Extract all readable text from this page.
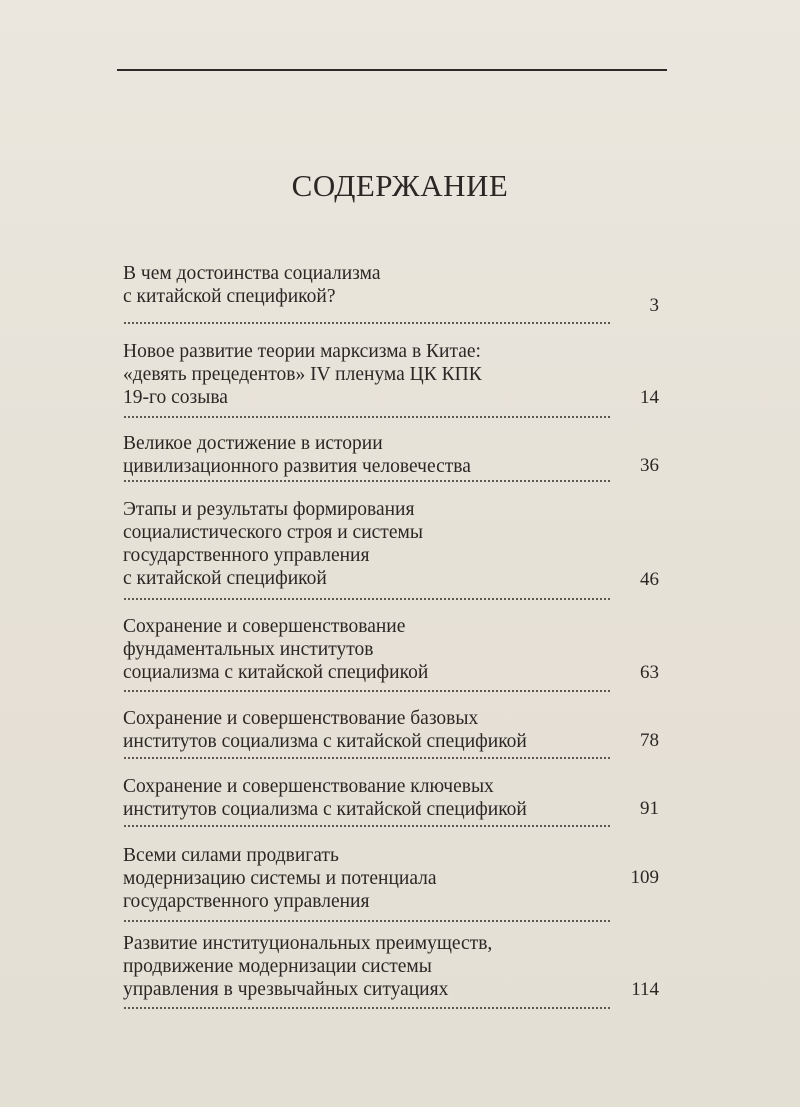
СОДЕРЖАНИЕ
В чем достоинства социализма
с китайской спецификой?	3
Новое развитие теории марксизма в Китае:
«девять прецедентов» IV пленума ЦК КПК
19-го созыва	14
Великое достижение в истории
цивилизационного развития человечества	36
Этапы и результаты формирования
социалистического строя и системы
государственного управления
с китайской спецификой	46
Сохранение и совершенствование
фундаментальных институтов
социализма с китайской спецификой	63
Сохранение и совершенствование базовых
институтов социализма с китайской спецификой	78
Сохранение и совершенствование ключевых
институтов социализма с китайской спецификой	91
Всеми силами продвигать
модернизацию системы и потенциала
государственного управления
109
Развитие институциональных преимуществ,
продвижение модернизации системы
управления в чрезвычайных ситуациях	114
